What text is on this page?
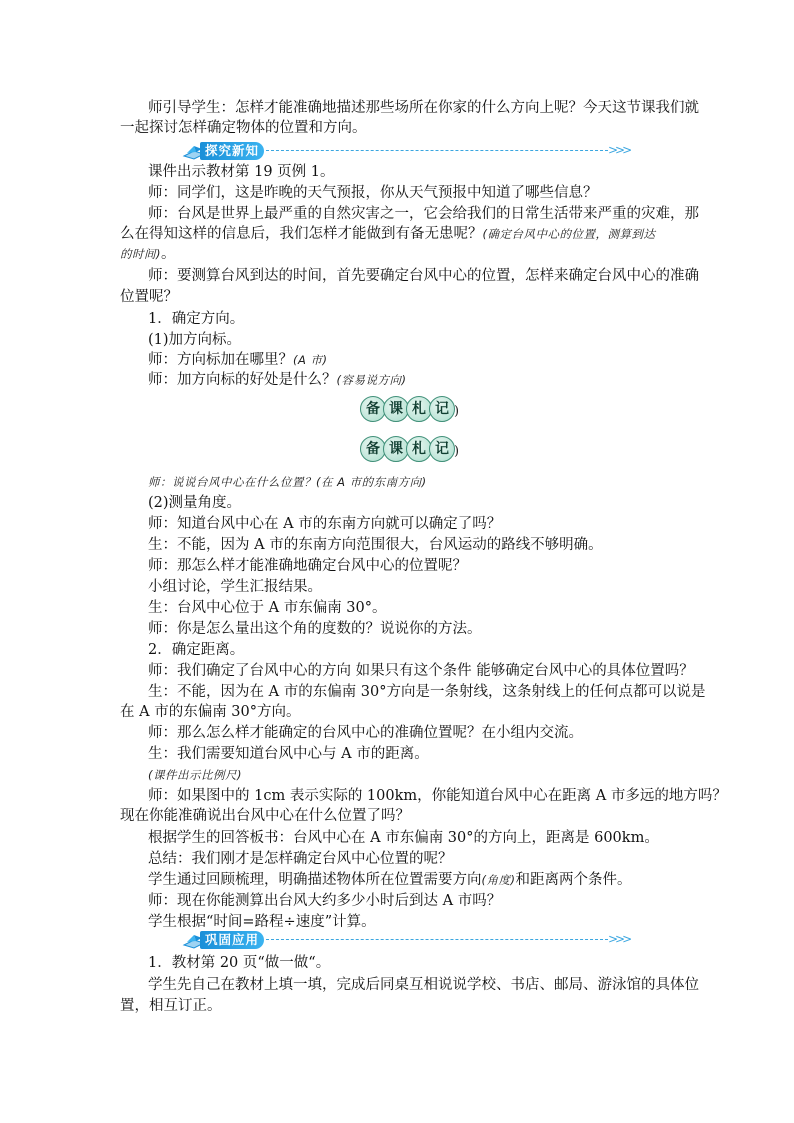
师引导学生：怎样才能准确地描述那些场所在你家的什么方向上呢？今天这节课我们就
一起探讨怎样确定物体的位置和方向。
探究新知	>>>
课件出示教材第 19 页例 1。
师：同学们，这是昨晚的天气预报，你从天气预报中知道了哪些信息？
师：台风是世界上最严重的自然灾害之一，它会给我们的日常生活带来严重的灾难，那
么在得知这样的信息后，我们怎样才能做到有备无患呢？(确定台风中心的位置，测算到达
的时间)。
师：要测算台风到达的时间，首先要确定台风中心的位置，怎样来确定台风中心的准确
位置呢？
1．确定方向。
(1)加方向标。
师：方向标加在哪里？(A 市)
师：加方向标的好处是什么？(容易说方向)
备 课 札 记 )
备 课 札 记 )
师：说说台风中心在什么位置？(在 A 市的东南方向)
(2)测量角度。
师：知道台风中心在 A 市的东南方向就可以确定了吗？
生：不能，因为 A 市的东南方向范围很大，台风运动的路线不够明确。
师：那怎么样才能准确地确定台风中心的位置呢？
小组讨论，学生汇报结果。
生：台风中心位于 A 市东偏南 30°。
师：你是怎么量出这个角的度数的？说说你的方法。
2．确定距离。
师：我们确定了台风中心的方向 如果只有这个条件 能够确定台风中心的具体位置吗？
生：不能，因为在 A 市的东偏南 30°方向是一条射线，这条射线上的任何点都可以说是
在 A 市的东偏南 30°方向。
师：那么怎么样才能确定的台风中心的准确位置呢？在小组内交流。
生：我们需要知道台风中心与 A 市的距离。
(课件出示比例尺)
师：如果图中的 1cm 表示实际的 100km，你能知道台风中心在距离 A 市多远的地方吗？
现在你能准确说出台风中心在什么位置了吗？
根据学生的回答板书：台风中心在 A 市东偏南 30°的方向上，距离是 600km。
总结：我们刚才是怎样确定台风中心位置的呢？
学生通过回顾梳理，明确描述物体所在位置需要方向(角度)和距离两个条件。
师：现在你能测算出台风大约多少小时后到达 A 市吗？
学生根据“时间=路程÷速度”计算。
巩固应用	>>>
1．教材第 20 页“做一做“。
学生先自己在教材上填一填，完成后同桌互相说说学校、书店、邮局、游泳馆的具体位
置，相互订正。
